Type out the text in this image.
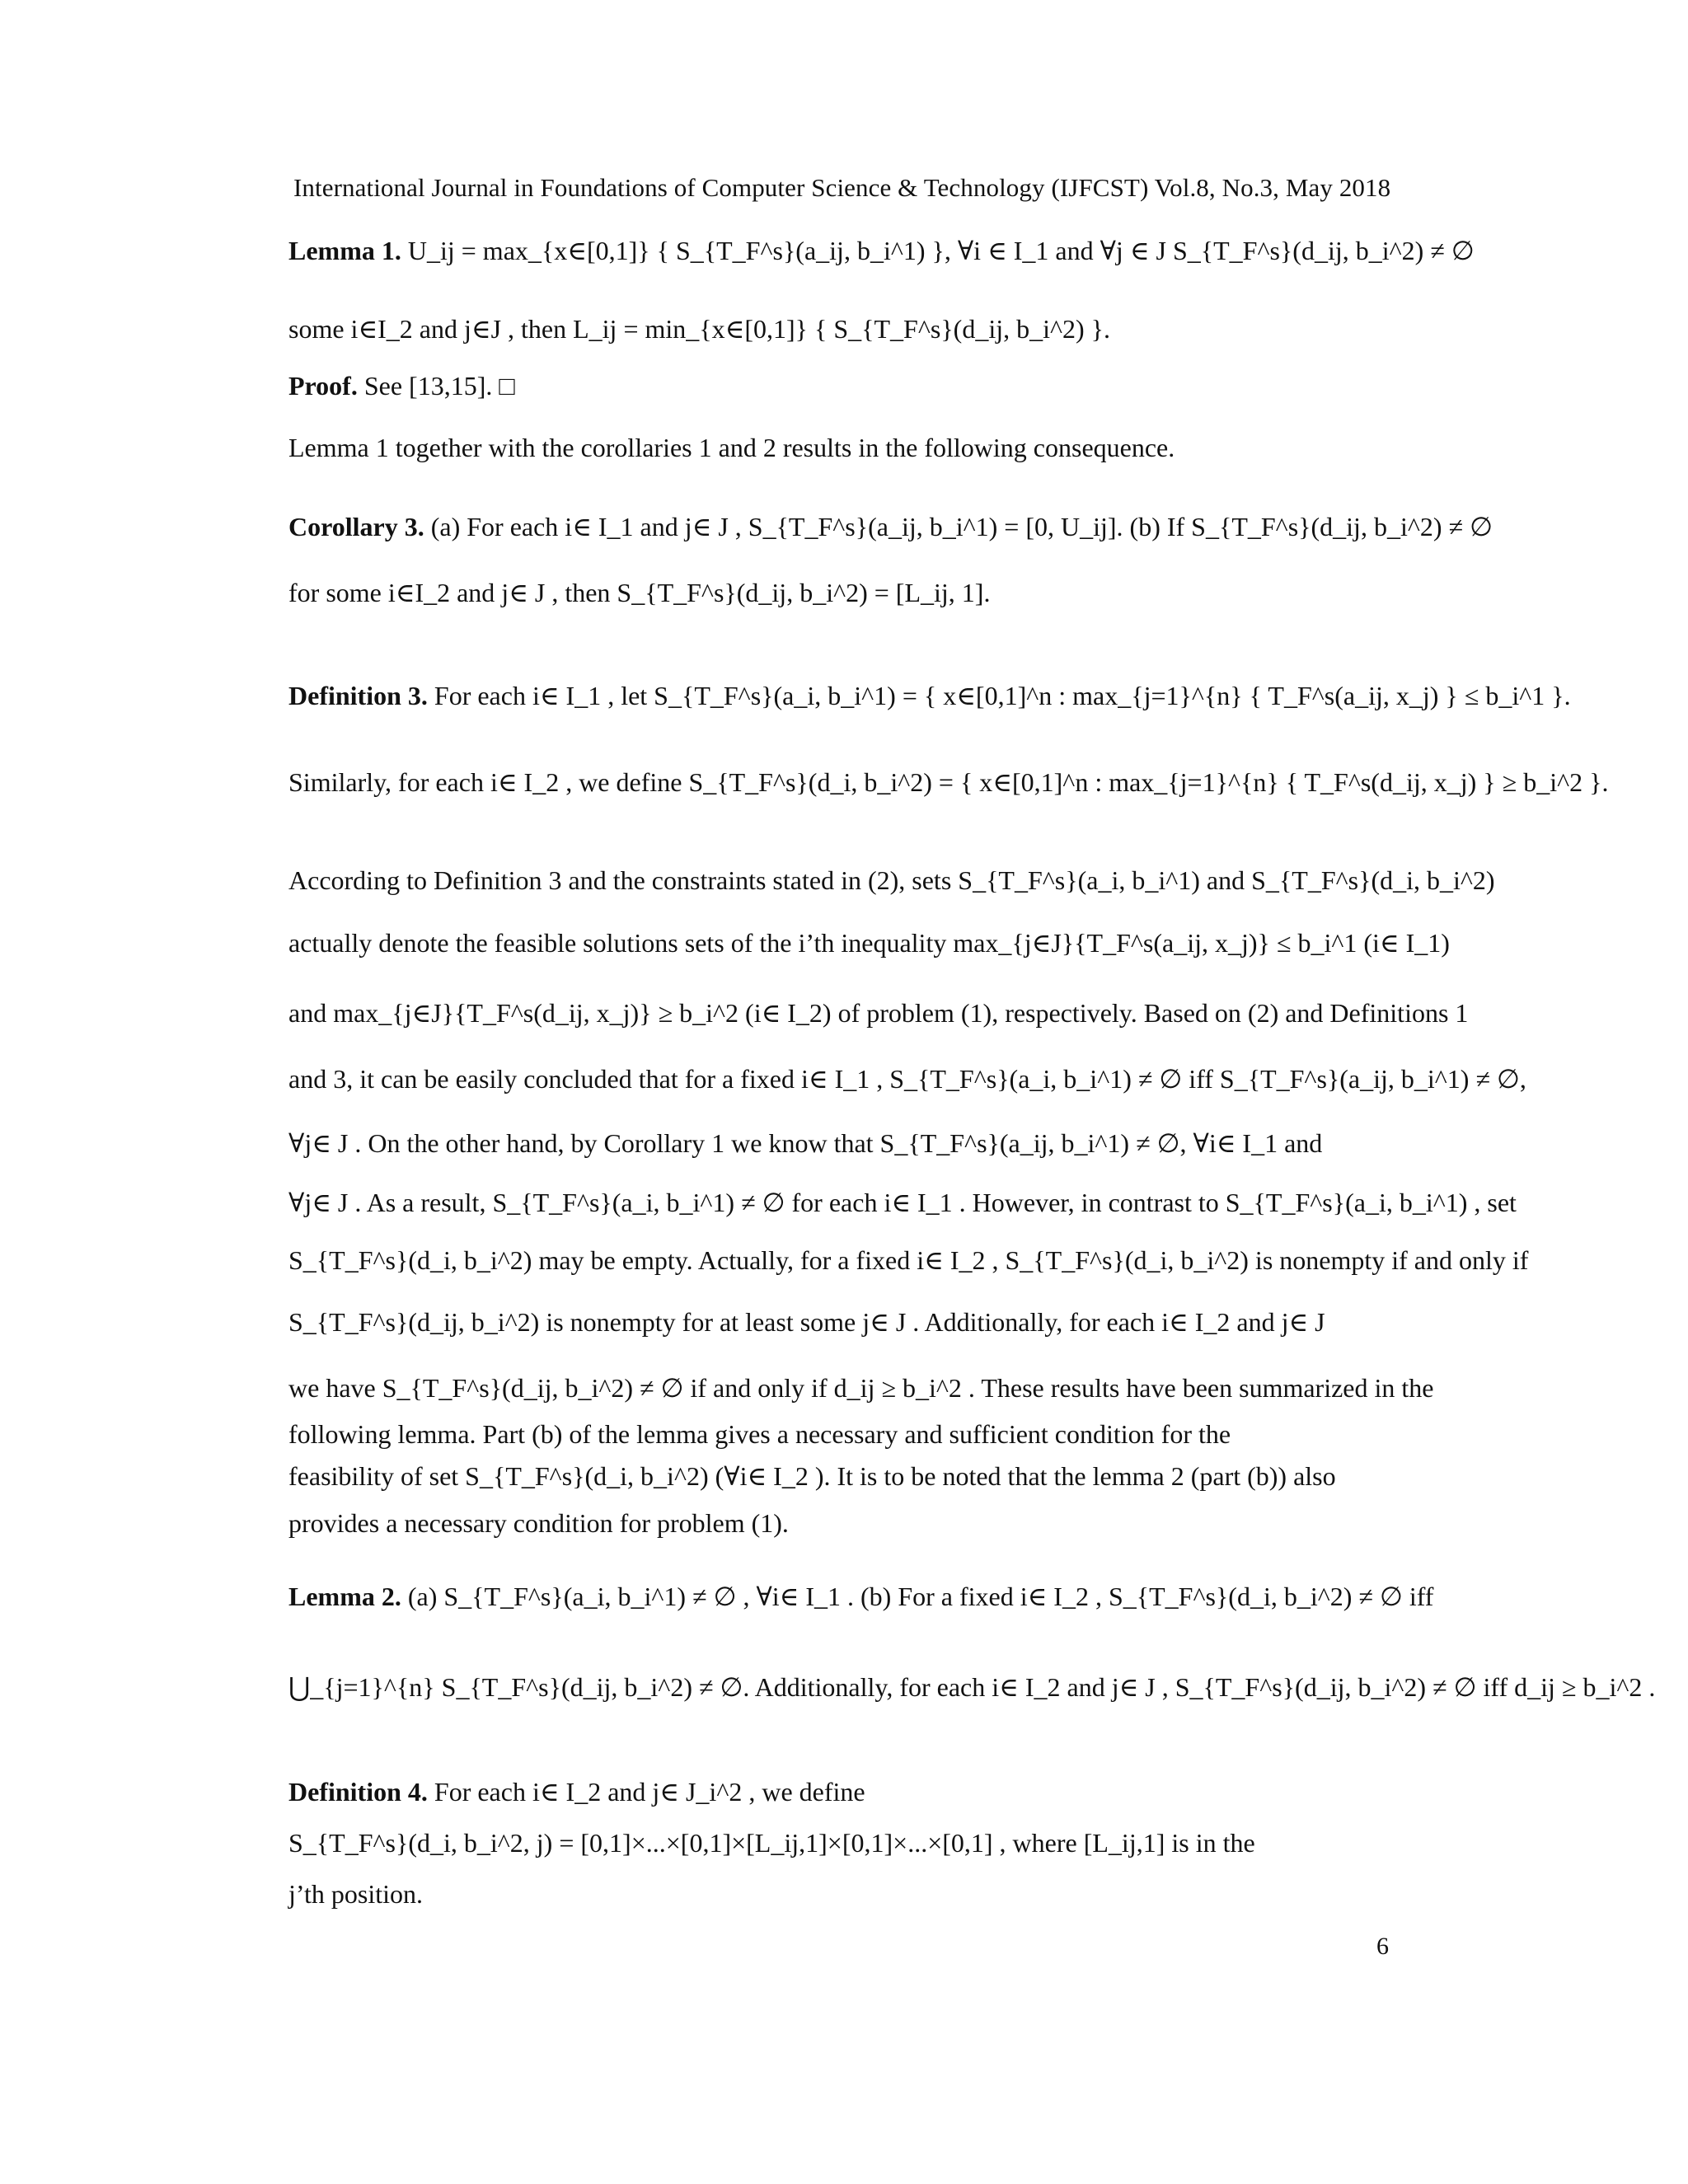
International Journal in Foundations of Computer Science & Technology (IJFCST) Vol.8, No.3, May 2018
Lemma 1. U_ij = max_{x∈[0,1]} { S_{T_F^s}(a_ij, b_i^1) }, ∀i ∈ I_1 and ∀j ∈ J S_{T_F^s}(d_ij, b_i^2) ≠ ∅
some i∈I_2 and j∈J , then L_ij = min_{x∈[0,1]} { S_{T_F^s}(d_ij, b_i^2) }.
Proof. See [13,15]. □
Lemma 1 together with the corollaries 1 and 2 results in the following consequence.
Corollary 3. (a) For each i∈ I_1 and j∈ J , S_{T_F^s}(a_ij, b_i^1) = [0, U_ij]. (b) If S_{T_F^s}(d_ij, b_i^2) ≠ ∅
for some i∈I_2 and j∈ J , then S_{T_F^s}(d_ij, b_i^2) = [L_ij, 1].
Definition 3. For each i∈ I_1 , let S_{T_F^s}(a_i, b_i^1) = { x∈[0,1]^n : max_{j=1}^{n} { T_F^s(a_ij, x_j) } ≤ b_i^1 }.
Similarly, for each i∈ I_2 , we define S_{T_F^s}(d_i, b_i^2) = { x∈[0,1]^n : max_{j=1}^{n} { T_F^s(d_ij, x_j) } ≥ b_i^2 }.
According to Definition 3 and the constraints stated in (2), sets S_{T_F^s}(a_i, b_i^1) and S_{T_F^s}(d_i, b_i^2)
actually denote the feasible solutions sets of the i’th inequality max_{j∈J}{T_F^s(a_ij, x_j)} ≤ b_i^1 (i∈ I_1)
and max_{j∈J}{T_F^s(d_ij, x_j)} ≥ b_i^2 (i∈ I_2) of problem (1), respectively. Based on (2) and Definitions 1
and 3, it can be easily concluded that for a fixed i∈ I_1 , S_{T_F^s}(a_i, b_i^1) ≠ ∅ iff S_{T_F^s}(a_ij, b_i^1) ≠ ∅,
∀j∈ J . On the other hand, by Corollary 1 we know that S_{T_F^s}(a_ij, b_i^1) ≠ ∅, ∀i∈ I_1 and
∀j∈ J . As a result, S_{T_F^s}(a_i, b_i^1) ≠ ∅ for each i∈ I_1 . However, in contrast to S_{T_F^s}(a_i, b_i^1) , set
S_{T_F^s}(d_i, b_i^2) may be empty. Actually, for a fixed i∈ I_2 , S_{T_F^s}(d_i, b_i^2) is nonempty if and only if
S_{T_F^s}(d_ij, b_i^2) is nonempty for at least some j∈ J . Additionally, for each i∈ I_2 and j∈ J
we have S_{T_F^s}(d_ij, b_i^2) ≠ ∅ if and only if d_ij ≥ b_i^2 . These results have been summarized in the
following lemma. Part (b) of the lemma gives a necessary and sufficient condition for the
feasibility of set S_{T_F^s}(d_i, b_i^2) (∀i∈ I_2 ). It is to be noted that the lemma 2 (part (b)) also
provides a necessary condition for problem (1).
Lemma 2. (a) S_{T_F^s}(a_i, b_i^1) ≠ ∅ , ∀i∈ I_1 . (b) For a fixed i∈ I_2 , S_{T_F^s}(d_i, b_i^2) ≠ ∅ iff
⋃_{j=1}^{n} S_{T_F^s}(d_ij, b_i^2) ≠ ∅. Additionally, for each i∈ I_2 and j∈ J , S_{T_F^s}(d_ij, b_i^2) ≠ ∅ iff d_ij ≥ b_i^2 .
Definition 4. For each i∈ I_2 and j∈ J_i^2 , we define
S_{T_F^s}(d_i, b_i^2, j) = [0,1]×...×[0,1]×[L_ij,1]×[0,1]×...×[0,1] , where [L_ij,1] is in the
j’th position.
6
